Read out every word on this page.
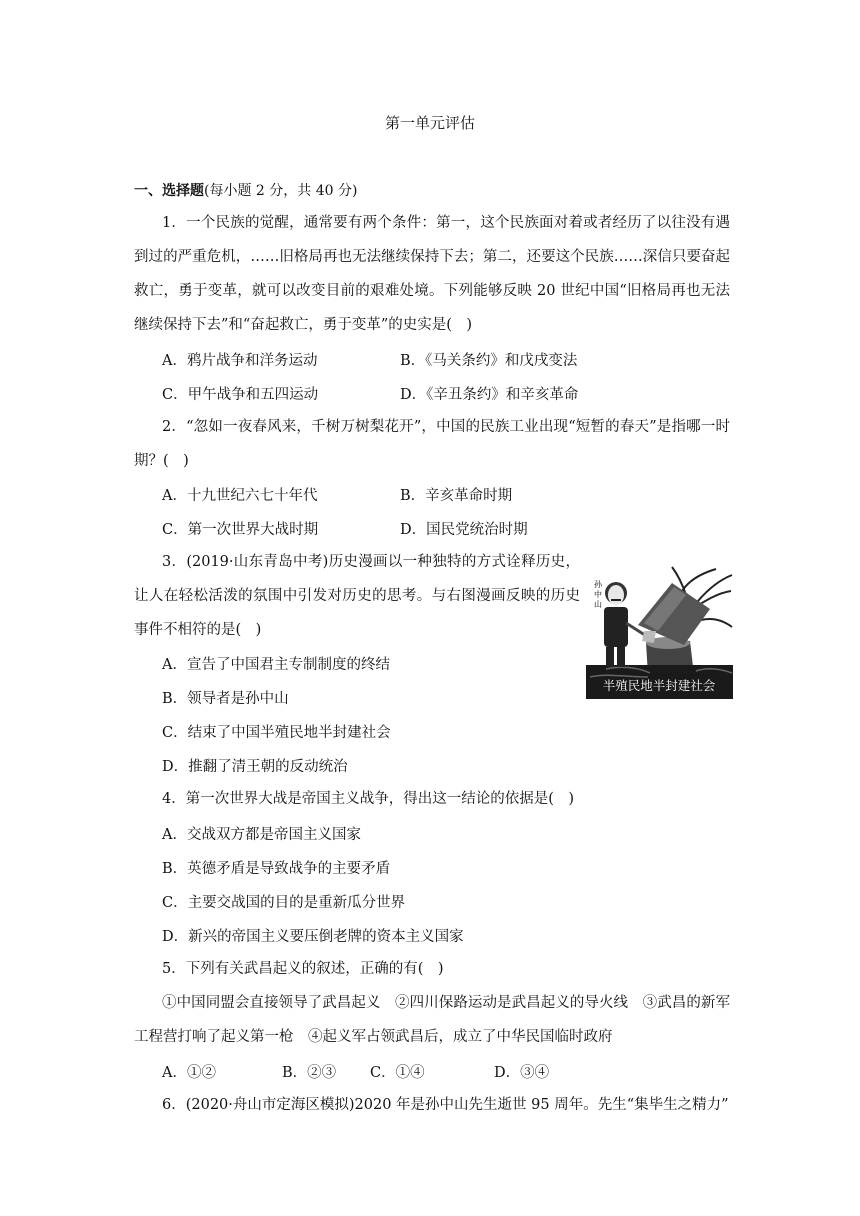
第一单元评估
一、选择题(每小题 2 分，共 40 分)
1．一个民族的觉醒，通常要有两个条件：第一，这个民族面对着或者经历了以往没有遇到过的严重危机，……旧格局再也无法继续保持下去；第二，还要这个民族……深信只要奋起救亡，勇于变革，就可以改变目前的艰难处境。下列能够反映 20 世纪中国“旧格局再也无法继续保持下去”和“奋起救亡，勇于变革”的史实是(　)
A．鸦片战争和洋务运动	B．《马关条约》和戊戌变法
C．甲午战争和五四运动	D．《辛丑条约》和辛亥革命
2．“忽如一夜春风来，千树万树梨花开”，中国的民族工业出现“短暂的春天”是指哪一时期？(　)
A．十九世纪六七十年代	B．辛亥革命时期
C．第一次世界大战时期	D．国民党统治时期
3．(2019·山东青岛中考)历史漫画以一种独特的方式诠释历史，让人在轻松活泼的氛围中引发对历史的思考。与右图漫画反映的历史事件不相符的是(　)
孙
中
山
半殖民地半封建社会
A．宣告了中国君主专制制度的终结
B．领导者是孙中山
C．结束了中国半殖民地半封建社会
D．推翻了清王朝的反动统治
4．第一次世界大战是帝国主义战争，得出这一结论的依据是(　)
A．交战双方都是帝国主义国家
B．英德矛盾是导致战争的主要矛盾
C．主要交战国的目的是重新瓜分世界
D．新兴的帝国主义要压倒老牌的资本主义国家
5．下列有关武昌起义的叙述，正确的有(　)
①中国同盟会直接领导了武昌起义　②四川保路运动是武昌起义的导火线　③武昌的新军工程营打响了起义第一枪　④起义军占领武昌后，成立了中华民国临时政府
A．①②	B．②③ C．①④	D．③④
6．(2020·舟山市定海区模拟)2020 年是孙中山先生逝世 95 周年。先生“集毕生之精力”
